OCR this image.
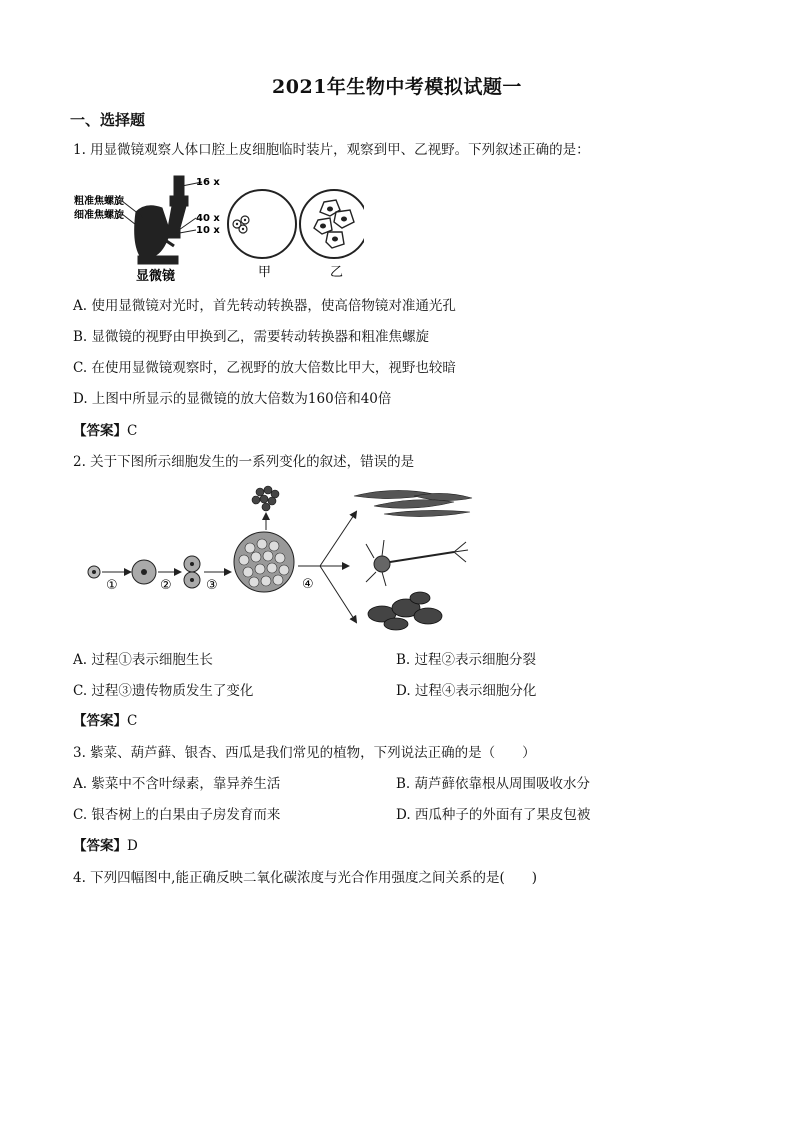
2021年生物中考模拟试题一
一、选择题
1. 用显微镜观察人体口腔上皮细胞临时装片，观察到甲、乙视野。下列叙述正确的是：
粗准焦螺旋
细准焦螺旋
16 x
40 x
10 x
显微镜	甲	乙
A. 使用显微镜对光时，首先转动转换器，使高倍物镜对准通光孔
B. 显微镜的视野由甲换到乙，需要转动转换器和粗准焦螺旋
C. 在使用显微镜观察时，乙视野的放大倍数比甲大，视野也较暗
D. 上图中所显示的显微镜的放大倍数为160倍和40倍
【答案】C
2. 关于下图所示细胞发生的一系列变化的叙述，错误的是
①	②	③	④
A. 过程①表示细胞生长	B. 过程②表示细胞分裂
C. 过程③遗传物质发生了变化	D. 过程④表示细胞分化
【答案】C
3. 紫菜、葫芦藓、银杏、西瓜是我们常见的植物，下列说法正确的是（　　）
A. 紫菜中不含叶绿素，靠异养生活	B. 葫芦藓依靠根从周围吸收水分
C. 银杏树上的白果由子房发育而来	D. 西瓜种子的外面有了果皮包被
【答案】D
4. 下列四幅图中,能正确反映二氧化碳浓度与光合作用强度之间关系的是(　　)
